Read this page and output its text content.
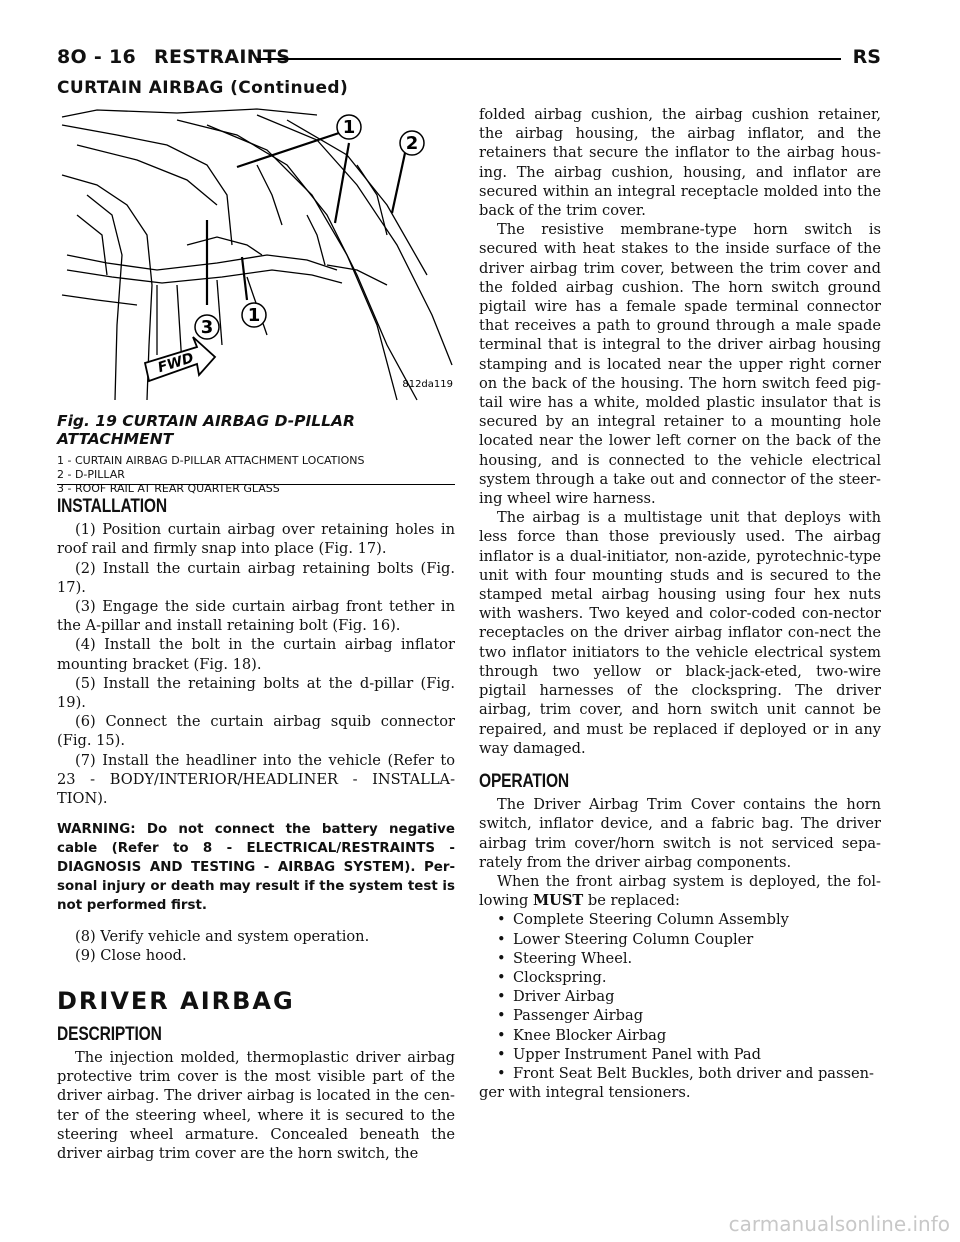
8O - 16 RESTRAINTS	RS
CURTAIN AIRBAG (Continued)
1
2
3
1
FWD
812da119
Fig. 19 CURTAIN AIRBAG D-PILLAR ATTACHMENT
1 - CURTAIN AIRBAG D-PILLAR ATTACHMENT LOCATIONS
2 - D-PILLAR
3 - ROOF RAIL AT REAR QUARTER GLASS
INSTALLATION

(1) Position curtain airbag over retaining holes in roof rail and firmly snap into place (Fig. 17).

(2) Install the curtain airbag retaining bolts (Fig. 17).

(3) Engage the side curtain airbag front tether in the A-pillar and install retaining bolt (Fig. 16).

(4) Install the bolt in the curtain airbag inflator mounting bracket (Fig. 18).

(5) Install the retaining bolts at the d-pillar (Fig. 19).

(6) Connect the curtain airbag squib connector (Fig. 15).

(7) Install the headliner into the vehicle (Refer to 23 - BODY/INTERIOR/HEADLINER - INSTALLA-TION).

WARNING: Do not connect the battery negative cable (Refer to 8 - ELECTRICAL/RESTRAINTS - DIAGNOSIS AND TESTING - AIRBAG SYSTEM). Per-sonal injury or death may result if the system test is not performed first.

(8) Verify vehicle and system operation.

(9) Close hood.

DRIVER AIRBAG
DESCRIPTION

The injection molded, thermoplastic driver airbag protective trim cover is the most visible part of the driver airbag. The driver airbag is located in the cen-ter of the steering wheel, where it is secured to the steering wheel armature. Concealed beneath the driver airbag trim cover are the horn switch, the

folded airbag cushion, the airbag cushion retainer, the airbag housing, the airbag inflator, and the retainers that secure the inflator to the airbag hous-ing. The airbag cushion, housing, and inflator are secured within an integral receptacle molded into the back of the trim cover.

The resistive membrane-type horn switch is secured with heat stakes to the inside surface of the driver airbag trim cover, between the trim cover and the folded airbag cushion. The horn switch ground pigtail wire has a female spade terminal connector that receives a path to ground through a male spade terminal that is integral to the driver airbag housing stamping and is located near the upper right corner on the back of the housing. The horn switch feed pig-tail wire has a white, molded plastic insulator that is secured by an integral retainer to a mounting hole located near the lower left corner on the back of the housing, and is connected to the vehicle electrical system through a take out and connector of the steer-ing wheel wire harness.

The airbag is a multistage unit that deploys with less force than those previously used. The airbag inflator is a dual-initiator, non-azide, pyrotechnic-type unit with four mounting studs and is secured to the stamped metal airbag housing using four hex nuts with washers. Two keyed and color-coded con-nector receptacles on the driver airbag inflator con-nect the two inflator initiators to the vehicle electrical system through two yellow or black-jack-eted, two-wire pigtail harnesses of the clockspring. The driver airbag, trim cover, and horn switch unit cannot be repaired, and must be replaced if deployed or in any way damaged.

OPERATION

The Driver Airbag Trim Cover contains the horn switch, inflator device, and a fabric bag. The driver airbag trim cover/horn switch is not serviced sepa-rately from the driver airbag components.

When the front airbag system is deployed, the fol-lowing MUST be replaced:

• Complete Steering Column Assembly
• Lower Steering Column Coupler
• Steering Wheel.
• Clockspring.
• Driver Airbag
• Passenger Airbag
• Knee Blocker Airbag
• Upper Instrument Panel with Pad
• Front Seat Belt Buckles, both driver and passen-

ger with integral tensioners.

carmanualsonline.info
